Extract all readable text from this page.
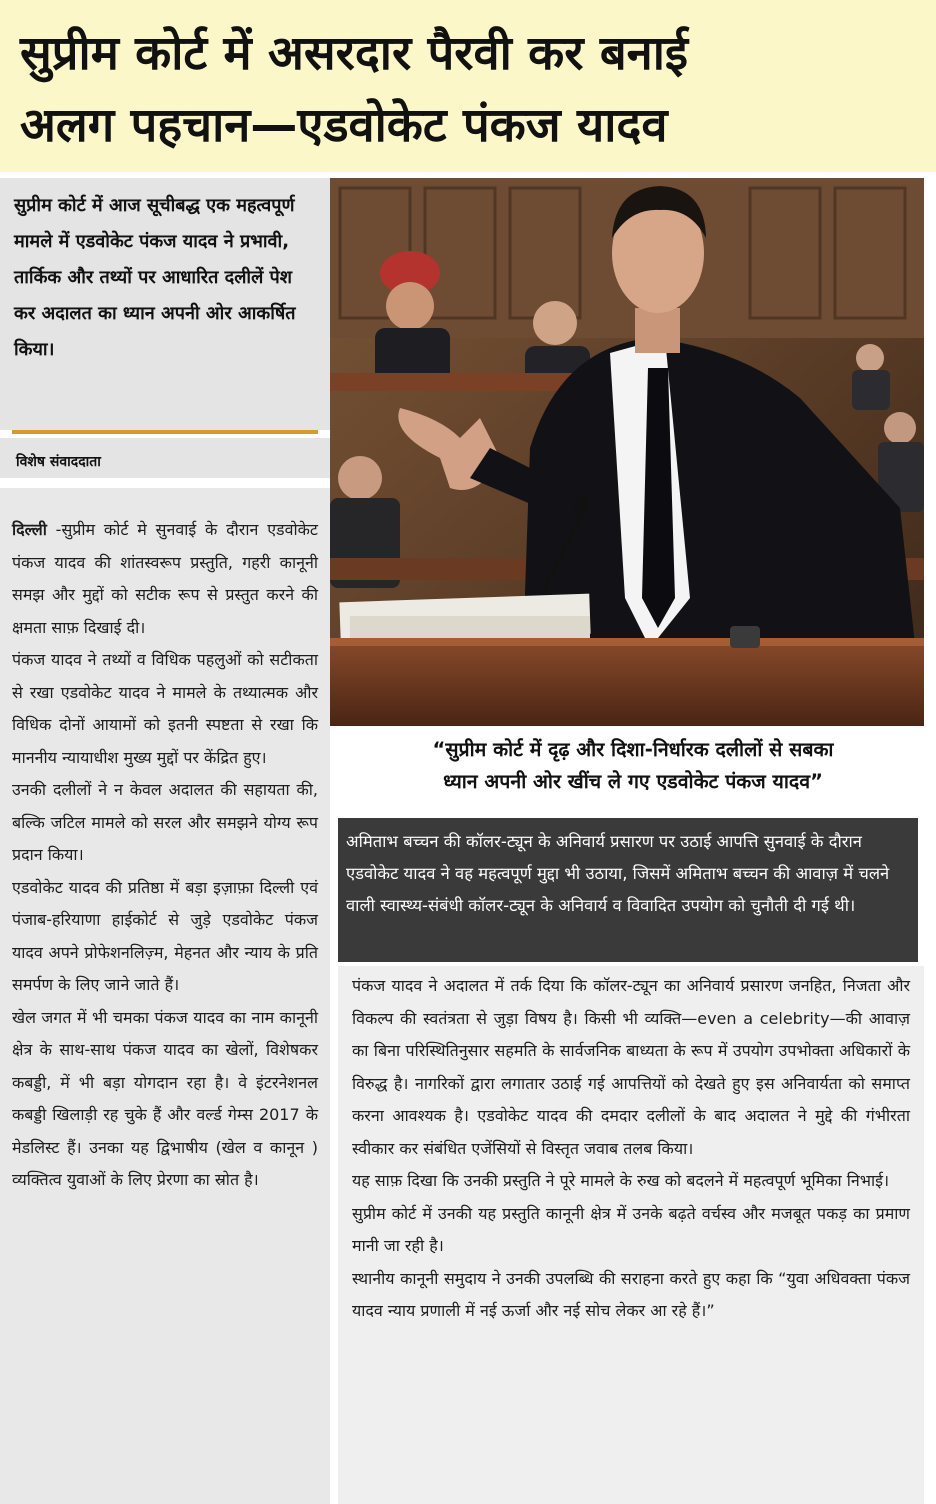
सुप्रीम कोर्ट में असरदार पैरवी कर बनाई
अलग पहचान—एडवोकेट पंकज यादव

सुप्रीम कोर्ट में आज सूचीबद्ध एक महत्वपूर्ण मामले में एडवोकेट पंकज यादव ने प्रभावी, तार्किक और तथ्यों पर आधारित दलीलें पेश कर अदालत का ध्यान अपनी ओर आकर्षित किया।

विशेष संवाददाता

दिल्ली -सुप्रीम कोर्ट मे सुनवाई के दौरान एडवोकेट पंकज यादव की शांतस्वरूप प्रस्तुति, गहरी कानूनी समझ और मुद्दों को सटीक रूप से प्रस्तुत करने की क्षमता साफ़ दिखाई दी।

पंकज यादव ने तथ्यों व विधिक पहलुओं को सटीकता से रखा एडवोकेट यादव ने मामले के तथ्यात्मक और विधिक दोनों आयामों को इतनी स्पष्टता से रखा कि माननीय न्यायाधीश मुख्य मुद्दों पर केंद्रित हुए।

उनकी दलीलों ने न केवल अदालत की सहायता की, बल्कि जटिल मामले को सरल और समझने योग्य रूप प्रदान किया।

एडवोकेट यादव की प्रतिष्ठा में बड़ा इज़ाफ़ा दिल्ली एवं पंजाब-हरियाणा हाईकोर्ट से जुड़े एडवोकेट पंकज यादव अपने प्रोफेशनलिज़्म, मेहनत और न्याय के प्रति समर्पण के लिए जाने जाते हैं।

खेल जगत में भी चमका पंकज यादव का नाम कानूनी क्षेत्र के साथ-साथ पंकज यादव का खेलों, विशेषकर कबड्डी, में भी बड़ा योगदान रहा है। वे इंटरनेशनल कबड्डी खिलाड़ी रह चुके हैं और वर्ल्ड गेम्स 2017 के मेडलिस्ट हैं। उनका यह द्विभाषीय (खेल व कानून ) व्यक्तित्व युवाओं के लिए प्रेरणा का स्रोत है।

“सुप्रीम कोर्ट में दृढ़ और दिशा-निर्धारक दलीलों से सबका
ध्यान अपनी ओर खींच ले गए एडवोकेट पंकज यादव”

अमिताभ बच्चन की कॉलर-ट्यून के अनिवार्य प्रसारण पर उठाई आपत्ति सुनवाई के दौरान एडवोकेट यादव ने वह महत्वपूर्ण मुद्दा भी उठाया, जिसमें अमिताभ बच्चन की आवाज़ में चलने वाली स्वास्थ्य-संबंधी कॉलर-ट्यून के अनिवार्य व विवादित उपयोग को चुनौती दी गई थी।

पंकज यादव ने अदालत में तर्क दिया कि कॉलर-ट्यून का अनिवार्य प्रसारण जनहित, निजता और विकल्प की स्वतंत्रता से जुड़ा विषय है। किसी भी व्यक्ति—even a celebrity—की आवाज़ का बिना परिस्थितिनुसार सहमति के सार्वजनिक बाध्यता के रूप में उपयोग उपभोक्ता अधिकारों के विरुद्ध है। नागरिकों द्वारा लगातार उठाई गई आपत्तियों को देखते हुए इस अनिवार्यता को समाप्त करना आवश्यक है। एडवोकेट यादव की दमदार दलीलों के बाद अदालत ने मुद्दे की गंभीरता स्वीकार कर संबंधित एजेंसियों से विस्तृत जवाब तलब किया।

यह साफ़ दिखा कि उनकी प्रस्तुति ने पूरे मामले के रुख को बदलने में महत्वपूर्ण भूमिका निभाई।

सुप्रीम कोर्ट में उनकी यह प्रस्तुति कानूनी क्षेत्र में उनके बढ़ते वर्चस्व और मजबूत पकड़ का प्रमाण मानी जा रही है।

स्थानीय कानूनी समुदाय ने उनकी उपलब्धि की सराहना करते हुए कहा कि “युवा अधिवक्ता पंकज यादव न्याय प्रणाली में नई ऊर्जा और नई सोच लेकर आ रहे हैं।”
